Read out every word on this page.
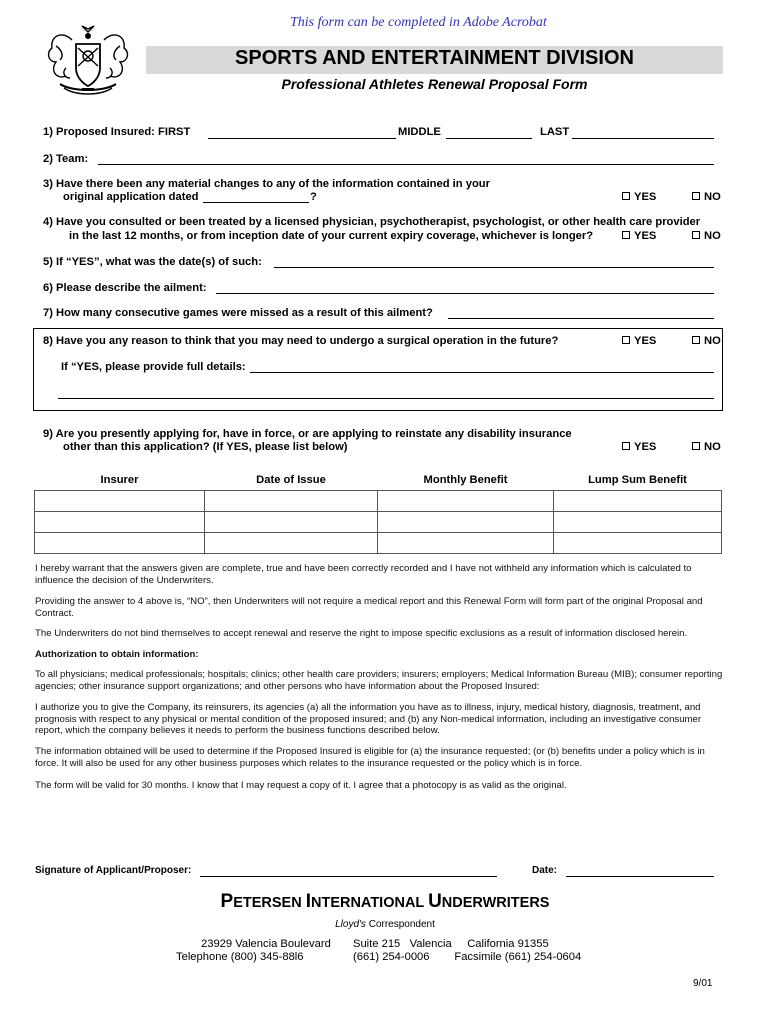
This form can be completed in Adobe Acrobat
SPORTS AND ENTERTAINMENT DIVISION
Professional Athletes Renewal Proposal Form
1) Proposed Insured: FIRST	MIDDLE	LAST
2) Team:
3) Have there been any material changes to any of the information contained in your
original application dated	?	YES	NO
4) Have you consulted or been treated by a licensed physician, psychotherapist, psychologist, or other health care provider
in the last 12 months, or from inception date of your current expiry coverage, whichever is longer?	YES	NO
5) If “YES”, what was the date(s) of such:
6) Please describe the ailment:
7) How many consecutive games were missed as a result of this ailment?
8) Have you any reason to think that you may need to undergo a surgical operation in the future?	YES	NO
If “YES, please provide full details:
9) Are you presently applying for, have in force, or are applying to reinstate any disability insurance
other than this application? (If YES, please list below)	YES	NO
Insurer	Date of Issue	Monthly Benefit	Lump Sum Benefit

I hereby warrant that the answers given are complete, true and have been correctly recorded and I have not withheld any information which is calculated to influence the decision of the Underwriters.
Providing the answer to 4 above is, “NO”, then Underwriters will not require a medical report and this Renewal Form will form part of the original Proposal and Contract.
The Underwriters do not bind themselves to accept renewal and reserve the right to impose specific exclusions as a result of information disclosed herein.
Authorization to obtain information:
To all physicians; medical professionals; hospitals; clinics; other health care providers; insurers; employers; Medical Information Bureau (MIB); consumer reporting agencies; other insurance support organizations; and other persons who have information about the Proposed Insured:
I authorize you to give the Company, its reinsurers, its agencies (a) all the information you have as to illness, injury, medical history, diagnosis, treatment, and prognosis with respect to any physical or mental condition of the proposed insured; and (b) any Non-medical information, including an investigative consumer report, which the company believes it needs to perform the business functions described below.
The information obtained will be used to determine if the Proposed Insured is eligible for (a) the insurance requested; (or (b) benefits under a policy which is in force. It will also be used for any other business purposes which relates to the insurance requested or the policy which is in force.
The form will be valid for 30 months. I know that I may request a copy of it. I agree that a photocopy is as valid as the original.
Signature of Applicant/Proposer:	Date:
PETERSEN INTERNATIONAL UNDERWRITERS
Lloyd's Correspondent
23929 Valencia Boulevard Suite 215   Valencia     California 91355
Telephone (800) 345-88l6	(661) 254-0006        Facsimile (661) 254-0604
9/01
